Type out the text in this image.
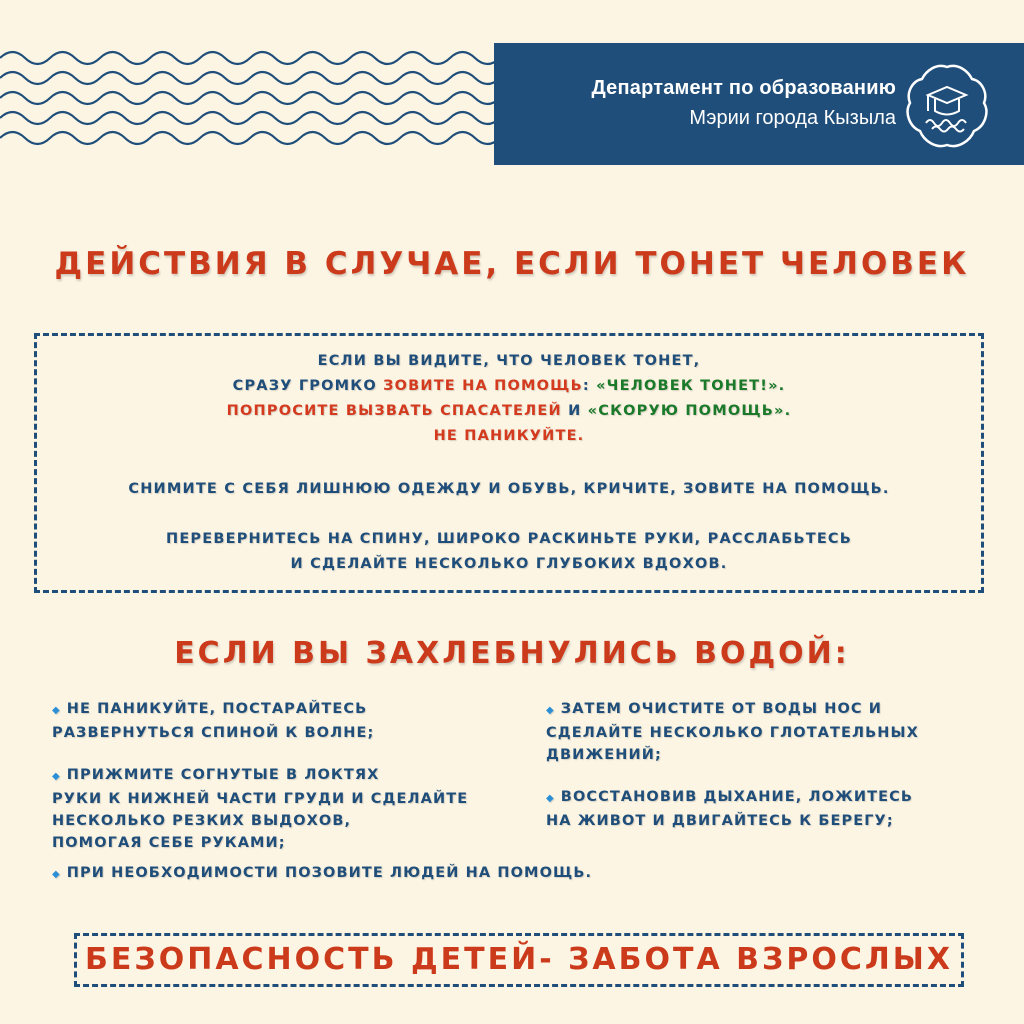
Департамент по образованию
Мэрии города Кызыла
ДЕЙСТВИЯ В СЛУЧАЕ, ЕСЛИ ТОНЕТ ЧЕЛОВЕК
ЕСЛИ ВЫ ВИДИТЕ, ЧТО ЧЕЛОВЕК ТОНЕТ,
СРАЗУ ГРОМКО ЗОВИТЕ НА ПОМОЩЬ: «ЧЕЛОВЕК ТОНЕТ!».
ПОПРОСИТЕ ВЫЗВАТЬ СПАСАТЕЛЕЙ И «СКОРУЮ ПОМОЩЬ».
НЕ ПАНИКУЙТЕ.
СНИМИТЕ С СЕБЯ ЛИШНЮЮ ОДЕЖДУ И ОБУВЬ, КРИЧИТЕ, ЗОВИТЕ НА ПОМОЩЬ.
ПЕРЕВЕРНИТЕСЬ НА СПИНУ, ШИРОКО РАСКИНЬТЕ РУКИ, РАССЛАБЬТЕСЬ
И СДЕЛАЙТЕ НЕСКОЛЬКО ГЛУБОКИХ ВДОХОВ.
ЕСЛИ ВЫ ЗАХЛЕБНУЛИСЬ ВОДОЙ:
◆ НЕ ПАНИКУЙТЕ, ПОСТАРАЙТЕСЬ
РАЗВЕРНУТЬСЯ СПИНОЙ К ВОЛНЕ;
◆ ПРИЖМИТЕ СОГНУТЫЕ В ЛОКТЯХ
РУКИ К НИЖНЕЙ ЧАСТИ ГРУДИ И СДЕЛАЙТЕ
НЕСКОЛЬКО РЕЗКИХ ВЫДОХОВ,
ПОМОГАЯ СЕБЕ РУКАМИ;
◆ ПРИ НЕОБХОДИМОСТИ ПОЗОВИТЕ ЛЮДЕЙ НА ПОМОЩЬ.
◆ ЗАТЕМ ОЧИСТИТЕ ОТ ВОДЫ НОС И
СДЕЛАЙТЕ НЕСКОЛЬКО ГЛОТАТЕЛЬНЫХ
ДВИЖЕНИЙ;
◆ ВОССТАНОВИВ ДЫХАНИЕ, ЛОЖИТЕСЬ
НА ЖИВОТ И ДВИГАЙТЕСЬ К БЕРЕГУ;
БЕЗОПАСНОСТЬ ДЕТЕЙ- ЗАБОТА ВЗРОСЛЫХ
